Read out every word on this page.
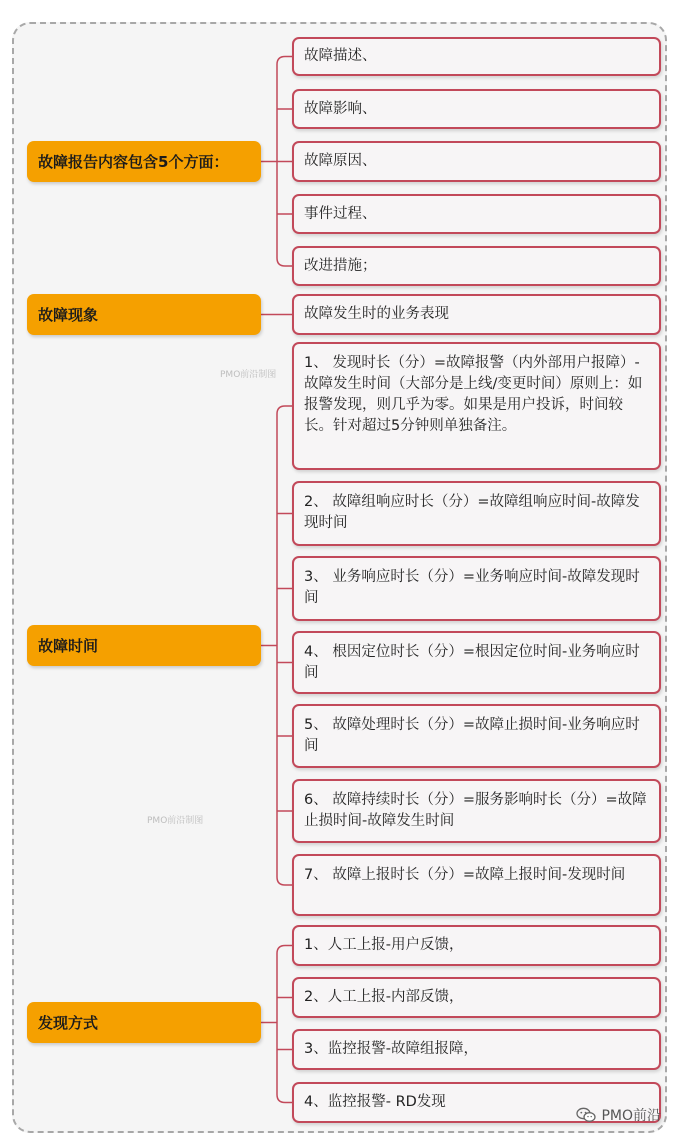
PMO前沿制图
PMO前沿制图
故障报告内容包含5个方面：
故障描述、
故障影响、
故障原因、
事件过程、
改进措施；
故障现象	故障发生时的业务表现
故障时间
1、 发现时长（分）=故障报警（内外部用户报障）-故障发生时间（大部分是上线/变更时间）原则上：如报警发现，则几乎为零。如果是用户投诉，时间较长。针对超过5分钟则单独备注。
2、 故障组响应时长（分）=故障组响应时间-故障发现时间
3、 业务响应时长（分）=业务响应时间-故障发现时间
4、 根因定位时长（分）=根因定位时间-业务响应时间
5、 故障处理时长（分）=故障止损时间-业务响应时间
6、 故障持续时长（分）=服务影响时长（分）=故障止损时间-故障发生时间
7、 故障上报时长（分）=故障上报时间-发现时间
发现方式
1、人工上报-用户反馈，
2、人工上报-内部反馈，
3、监控报警-故障组报障，
4、监控报警- RD发现
PMO前沿
